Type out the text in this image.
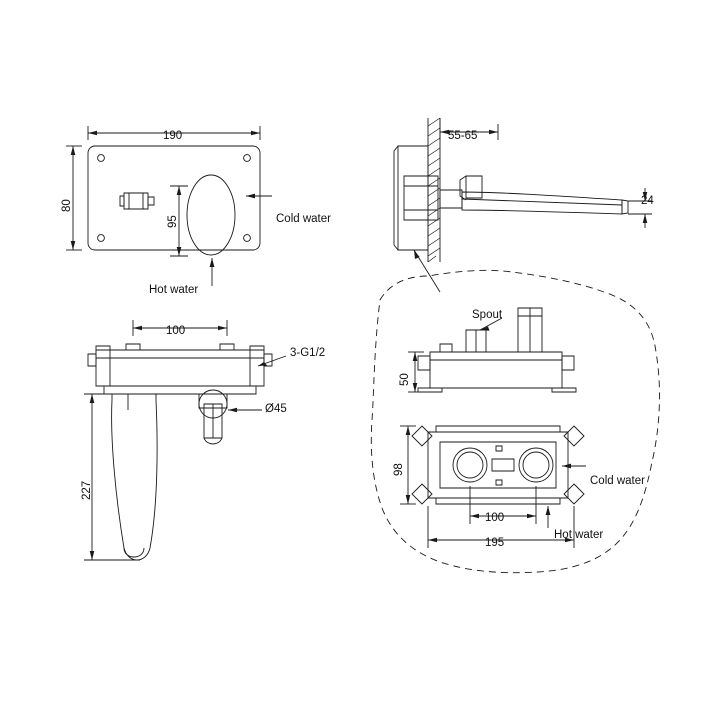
190
80
95	Cold water
Hot water
55-65
24
100
3-G1/2
Ø45
227
Spout
50
98
100
195
Cold water
Hot water
